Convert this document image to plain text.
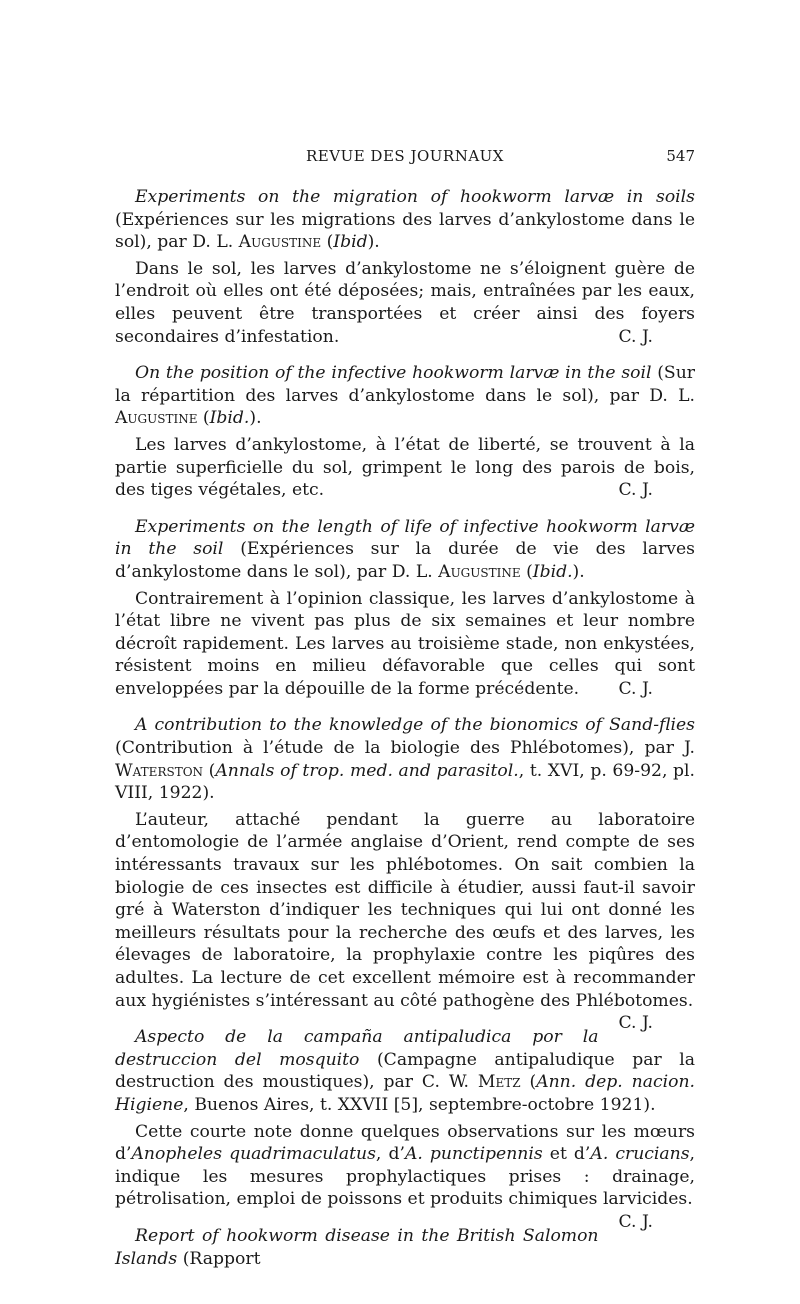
REVUE DES JOURNAUX	547

Experiments on the migration of hookworm larvæ in soils (Expériences sur les migrations des larves d’ankylostome dans le sol), par D. L. Augustine (Ibid).

Dans le sol, les larves d’ankylostome ne s’éloignent guère de l’endroit où elles ont été déposées; mais, entraînées par les eaux, elles peuvent être transportées et créer ainsi des foyers secondaires d’infestation.	C. J.

On the position of the infective hookworm larvæ in the soil (Sur la répartition des larves d’ankylostome dans le sol), par D. L. Augustine (Ibid.).

Les larves d’ankylostome, à l’état de liberté, se trouvent à la partie superficielle du sol, grimpent le long des parois de bois, des tiges végétales, etc.	C. J.

Experiments on the length of life of infective hookworm larvæ in the soil (Expériences sur la durée de vie des larves d’ankylostome dans le sol), par D. L. Augustine (Ibid.).

Contrairement à l’opinion classique, les larves d’ankylostome à l’état libre ne vivent pas plus de six semaines et leur nombre décroît rapidement. Les larves au troisième stade, non enkystées, résistent moins en milieu défavorable que celles qui sont enveloppées par la dépouille de la forme précédente.	C. J.

A contribution to the knowledge of the bionomics of Sand-flies (Contribution à l’étude de la biologie des Phlébotomes), par J. Waterston (Annals of trop. med. and parasitol., t. XVI, p. 69-92, pl. VIII, 1922).

L’auteur, attaché pendant la guerre au laboratoire d’entomologie de l’armée anglaise d’Orient, rend compte de ses intéressants travaux sur les phlébotomes. On sait combien la biologie de ces insectes est difficile à étudier, aussi faut-il savoir gré à Waterston d’indiquer les techniques qui lui ont donné les meilleurs résultats pour la recherche des œufs et des larves, les élevages de laboratoire, la prophylaxie contre les piqûres des adultes. La lecture de cet excellent mémoire est à recommander aux hygiénistes s’intéressant au côté pathogène des Phlébotomes.
C. J.

Aspecto de la campaña antipaludica por la destruccion del mosquito (Campagne antipaludique par la destruction des moustiques), par C. W. Metz (Ann. dep. nacion. Higiene, Buenos Aires, t. XXVII [5], septembre-octobre 1921).

Cette courte note donne quelques observations sur les mœurs d’Anopheles quadrimaculatus, d’A. punctipennis et d’A. crucians, indique les mesures prophylactiques prises : drainage, pétrolisation, emploi de poissons et produits chimiques larvicides.
C. J.

Report of hookworm disease in the British Salomon Islands (Rapport
